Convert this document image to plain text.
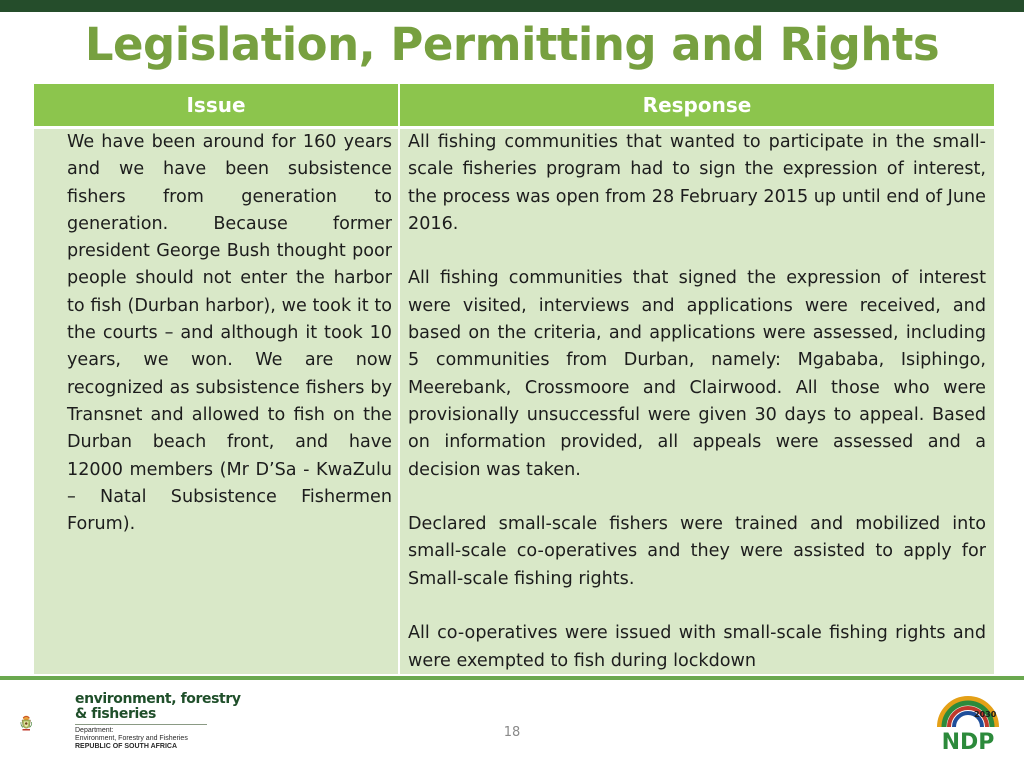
Legislation, Permitting and Rights
Issue	Response

We have been around for 160 years and we have been subsistence fishers from generation to generation. Because former president George Bush thought poor people should not enter the harbor to fish (Durban harbor), we took it to the courts – and although it took 10 years, we won. We are now recognized as subsistence fishers by Transnet and allowed to fish on the Durban beach front, and have 12000 members (Mr D’Sa - KwaZulu – Natal Subsistence Fishermen Forum).

All fishing communities that wanted to participate in the small-scale fisheries program had to sign the expression of interest, the process was open from 28 February 2015 up until end of June 2016.

All fishing communities that signed the expression of interest were visited, interviews and applications were received, and based on the criteria, and applications were assessed, including 5 communities from Durban, namely: Mgababa, Isiphingo, Meerebank, Crossmoore and Clairwood. All those who were provisionally unsuccessful were given 30 days to appeal. Based on information provided, all appeals were assessed and a decision was taken.

Declared small-scale fishers were trained and mobilized into small-scale co-operatives and they were assisted to apply for Small-scale fishing rights.

All co-operatives were issued with small-scale fishing rights and were exempted to fish during lockdown

environment, forestry
& fisheries
Department:
Environment, Forestry and Fisheries
REPUBLIC OF SOUTH AFRICA
18
2030
NDP
